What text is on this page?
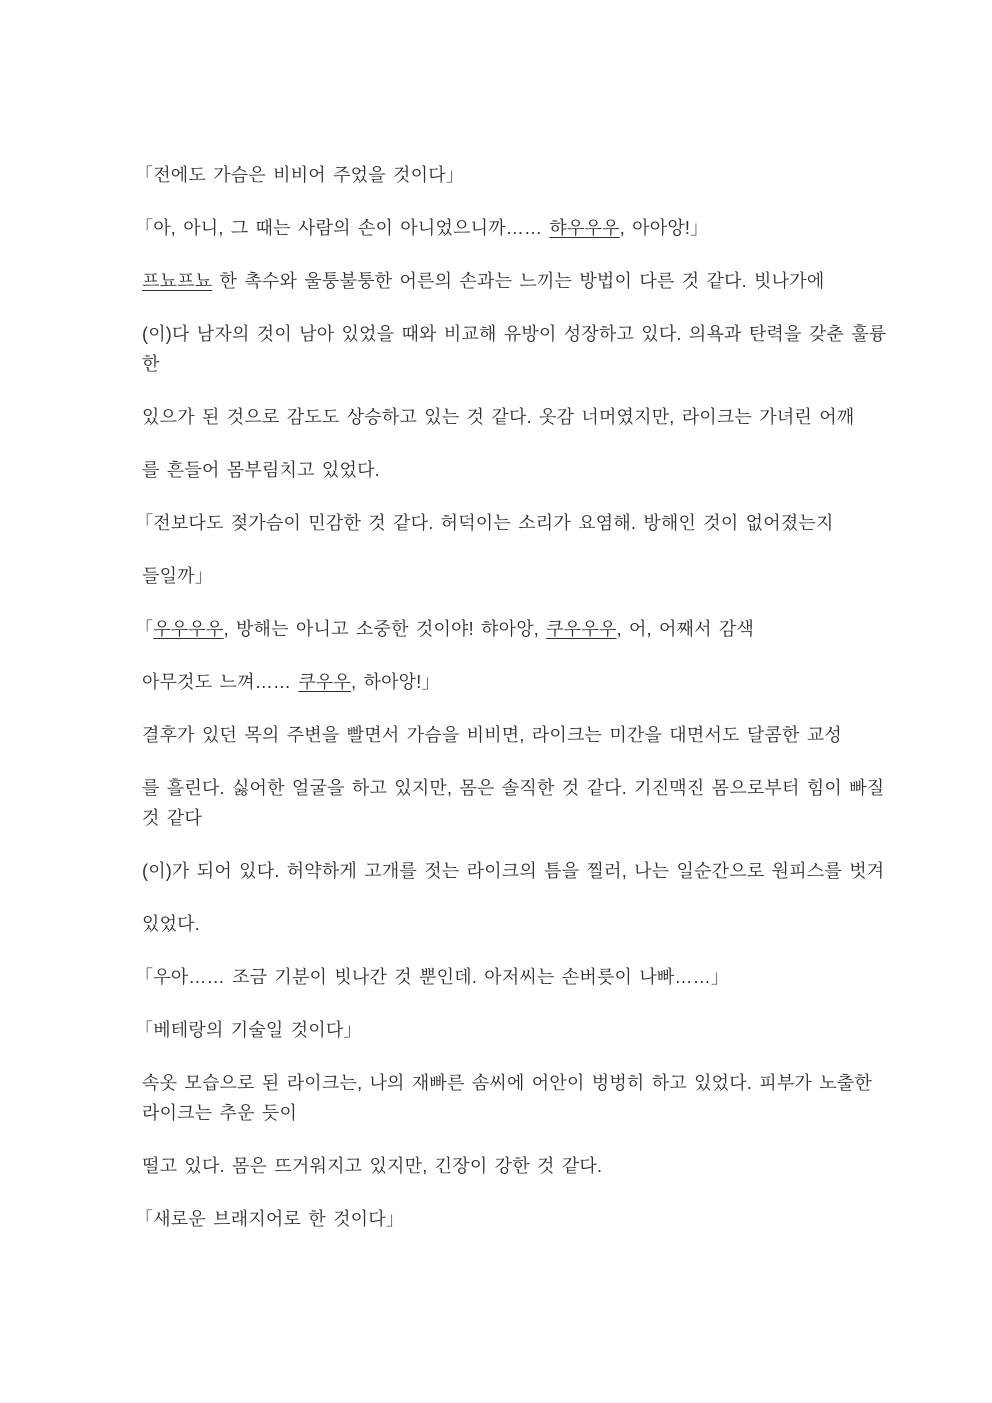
「전에도 가슴은 비비어 주었을 것이다」

「아, 아니, 그 때는 사람의 손이 아니었으니까…… 햐우우우, 아아앙!」

프뇨프뇨 한 촉수와 울퉁불퉁한 어른의 손과는 느끼는 방법이 다른 것 같다. 빗나가에

(이)다 남자의 것이 남아 있었을 때와 비교해 유방이 성장하고 있다. 의욕과 탄력을 갖춘 훌륭
한

있으가 된 것으로 감도도 상승하고 있는 것 같다. 옷감 너머였지만, 라이크는 가녀린 어깨

를 흔들어 몸부림치고 있었다.

「전보다도 젖가슴이 민감한 것 같다. 허덕이는 소리가 요염해. 방해인 것이 없어졌는지

들일까」

「우우우우, 방해는 아니고 소중한 것이야! 햐아앙, 쿠우우우, 어, 어째서 감색

아무것도 느껴…… 쿠우우, 하아앙!」

결후가 있던 목의 주변을 빨면서 가슴을 비비면, 라이크는 미간을 대면서도 달콤한 교성

를 흘린다. 싫어한 얼굴을 하고 있지만, 몸은 솔직한 것 같다. 기진맥진 몸으로부터 힘이 빠질
것 같다

(이)가 되어 있다. 허약하게 고개를 젓는 라이크의 틈을 찔러, 나는 일순간으로 원피스를 벗겨

있었다.

「우아…… 조금 기분이 빗나간 것 뿐인데. 아저씨는 손버릇이 나빠……」

「베테랑의 기술일 것이다」

속옷 모습으로 된 라이크는, 나의 재빠른 솜씨에 어안이 벙벙히 하고 있었다. 피부가 노출한
라이크는 추운 듯이

떨고 있다. 몸은 뜨거워지고 있지만, 긴장이 강한 것 같다.

「새로운 브래지어로 한 것이다」
